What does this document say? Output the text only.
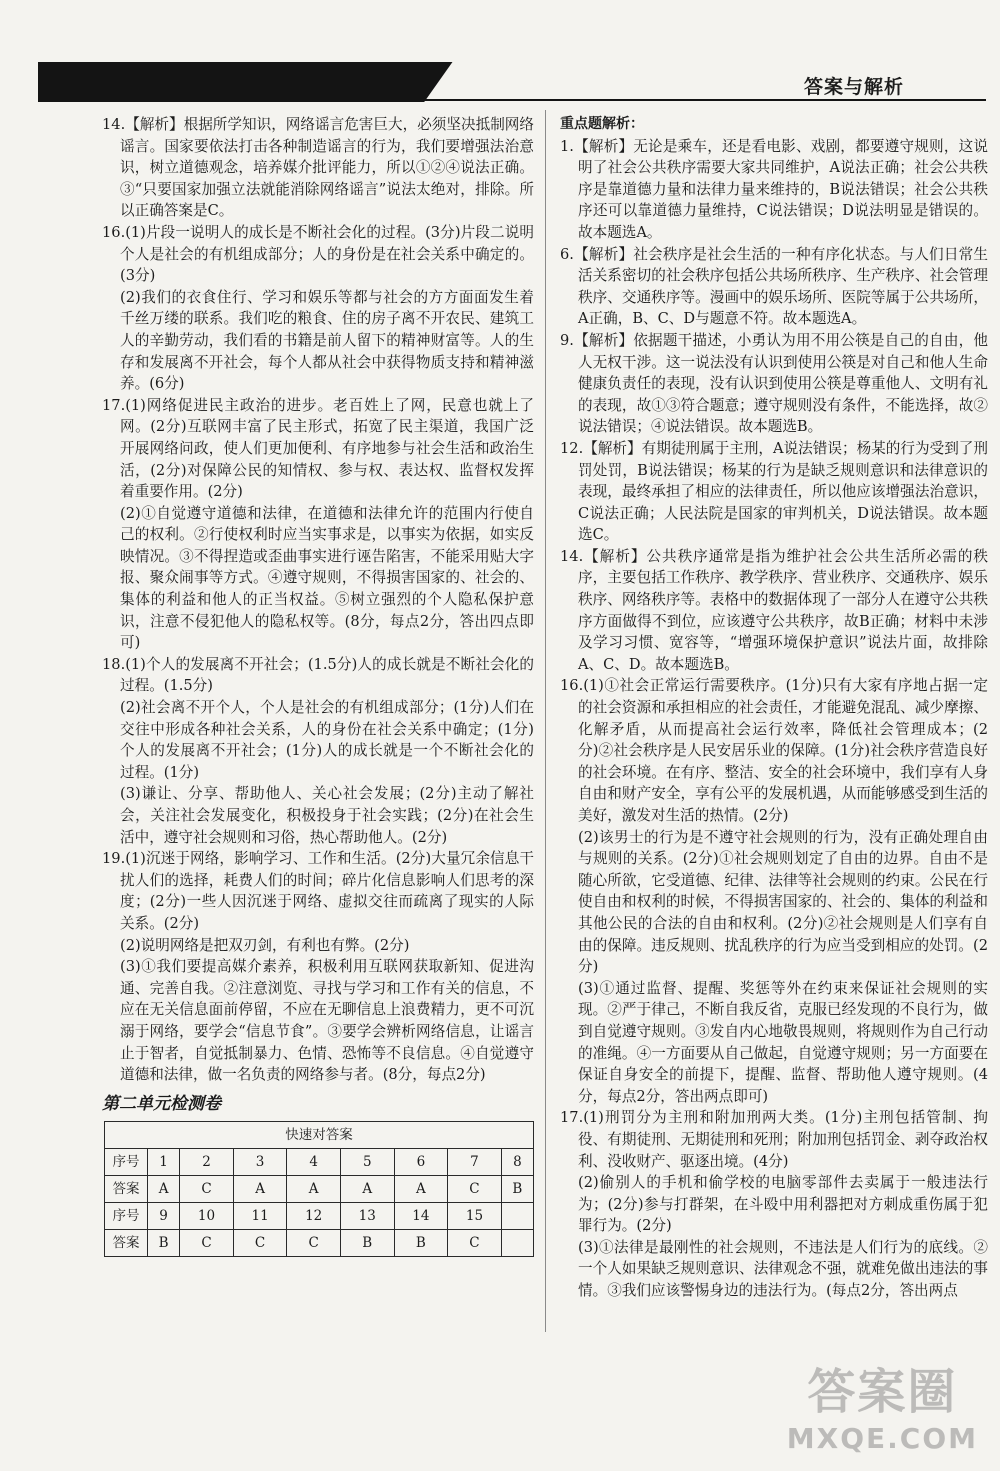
答案与解析

14.【解析】根据所学知识，网络谣言危害巨大，必须坚决抵制网络谣言。国家要依法打击各种制造谣言的行为，我们要增强法治意识，树立道德观念，培养媒介批评能力，所以①②④说法正确。③“只要国家加强立法就能消除网络谣言”说法太绝对，排除。所以正确答案是C。

16.(1)片段一说明人的成长是不断社会化的过程。(3分)片段二说明个人是社会的有机组成部分；人的身份是在社会关系中确定的。(3分)

(2)我们的衣食住行、学习和娱乐等都与社会的方方面面发生着千丝万缕的联系。我们吃的粮食、住的房子离不开农民、建筑工人的辛勤劳动，我们看的书籍是前人留下的精神财富等。人的生存和发展离不开社会，每个人都从社会中获得物质支持和精神滋养。(6分)

17.(1)网络促进民主政治的进步。老百姓上了网，民意也就上了网。(2分)互联网丰富了民主形式，拓宽了民主渠道，我国广泛开展网络问政，使人们更加便利、有序地参与社会生活和政治生活，(2分)对保障公民的知情权、参与权、表达权、监督权发挥着重要作用。(2分)

(2)①自觉遵守道德和法律，在道德和法律允许的范围内行使自己的权利。②行使权利时应当实事求是，以事实为依据，如实反映情况。③不得捏造或歪曲事实进行诬告陷害，不能采用贴大字报、聚众闹事等方式。④遵守规则，不得损害国家的、社会的、集体的利益和他人的正当权益。⑤树立强烈的个人隐私保护意识，注意不侵犯他人的隐私权等。(8分，每点2分，答出四点即可)

18.(1)个人的发展离不开社会；(1.5分)人的成长就是不断社会化的过程。(1.5分)

(2)社会离不开个人，个人是社会的有机组成部分；(1分)人们在交往中形成各种社会关系，人的身份在社会关系中确定；(1分)个人的发展离不开社会；(1分)人的成长就是一个不断社会化的过程。(1分)

(3)谦让、分享、帮助他人、关心社会发展；(2分)主动了解社会，关注社会发展变化，积极投身于社会实践；(2分)在社会生活中，遵守社会规则和习俗，热心帮助他人。(2分)

19.(1)沉迷于网络，影响学习、工作和生活。(2分)大量冗余信息干扰人们的选择，耗费人们的时间；碎片化信息影响人们思考的深度；(2分)一些人因沉迷于网络、虚拟交往而疏离了现实的人际关系。(2分)

(2)说明网络是把双刃剑，有利也有弊。(2分)

(3)①我们要提高媒介素养，积极利用互联网获取新知、促进沟通、完善自我。②注意浏览、寻找与学习和工作有关的信息，不应在无关信息面前停留，不应在无聊信息上浪费精力，更不可沉溺于网络，要学会“信息节食”。③要学会辨析网络信息，让谣言止于智者，自觉抵制暴力、色情、恐怖等不良信息。④自觉遵守道德和法律，做一名负责的网络参与者。(8分，每点2分)

第二单元检测卷
快速对答案								
序号	1	2	3	4	5	6	7	8
答案	A	C	A	A	A	A	C	B
序号	9	10	11	12	13	14	15	
答案	B	C	C	C	B	B	C	

重点题解析：

1.【解析】无论是乘车，还是看电影、戏剧，都要遵守规则，这说明了社会公共秩序需要大家共同维护，A说法正确；社会公共秩序是靠道德力量和法律力量来维持的，B说法错误；社会公共秩序还可以靠道德力量维持，C说法错误；D说法明显是错误的。故本题选A。

6.【解析】社会秩序是社会生活的一种有序化状态。与人们日常生活关系密切的社会秩序包括公共场所秩序、生产秩序、社会管理秩序、交通秩序等。漫画中的娱乐场所、医院等属于公共场所，A正确，B、C、D与题意不符。故本题选A。

9.【解析】依据题干描述，小勇认为用不用公筷是自己的自由，他人无权干涉。这一说法没有认识到使用公筷是对自己和他人生命健康负责任的表现，没有认识到使用公筷是尊重他人、文明有礼的表现，故①③符合题意；遵守规则没有条件，不能选择，故②说法错误；④说法错误。故本题选B。

12.【解析】有期徒刑属于主刑，A说法错误；杨某的行为受到了刑罚处罚，B说法错误；杨某的行为是缺乏规则意识和法律意识的表现，最终承担了相应的法律责任，所以他应该增强法治意识，C说法正确；人民法院是国家的审判机关，D说法错误。故本题选C。

14.【解析】公共秩序通常是指为维护社会公共生活所必需的秩序，主要包括工作秩序、教学秩序、营业秩序、交通秩序、娱乐秩序、网络秩序等。表格中的数据体现了一部分人在遵守公共秩序方面做得不到位，应该遵守公共秩序，故B正确；材料中未涉及学习习惯、宽容等，“增强环境保护意识”说法片面，故排除A、C、D。故本题选B。

16.(1)①社会正常运行需要秩序。(1分)只有大家有序地占据一定的社会资源和承担相应的社会责任，才能避免混乱、减少摩擦、化解矛盾，从而提高社会运行效率，降低社会管理成本；(2分)②社会秩序是人民安居乐业的保障。(1分)社会秩序营造良好的社会环境。在有序、整洁、安全的社会环境中，我们享有人身自由和财产安全，享有公平的发展机遇，从而能够感受到生活的美好，激发对生活的热情。(2分)

(2)该男士的行为是不遵守社会规则的行为，没有正确处理自由与规则的关系。(2分)①社会规则划定了自由的边界。自由不是随心所欲，它受道德、纪律、法律等社会规则的约束。公民在行使自由和权利的时候，不得损害国家的、社会的、集体的利益和其他公民的合法的自由和权利。(2分)②社会规则是人们享有自由的保障。违反规则、扰乱秩序的行为应当受到相应的处罚。(2分)

(3)①通过监督、提醒、奖惩等外在约束来保证社会规则的实现。②严于律己，不断自我反省，克服已经发现的不良行为，做到自觉遵守规则。③发自内心地敬畏规则，将规则作为自己行动的准绳。④一方面要从自己做起，自觉遵守规则；另一方面要在保证自身安全的前提下，提醒、监督、帮助他人遵守规则。(4分，每点2分，答出两点即可)

17.(1)刑罚分为主刑和附加刑两大类。(1分)主刑包括管制、拘役、有期徒刑、无期徒刑和死刑；附加刑包括罚金、剥夺政治权利、没收财产、驱逐出境。(4分)

(2)偷别人的手机和偷学校的电脑零部件去卖属于一般违法行为；(2分)参与打群架，在斗殴中用利器把对方刺成重伤属于犯罪行为。(2分)

(3)①法律是最刚性的社会规则，不违法是人们行为的底线。②一个人如果缺乏规则意识、法律观念不强，就难免做出违法的事情。③我们应该警惕身边的违法行为。(每点2分，答出两点

答案圈
MXQE.COM
